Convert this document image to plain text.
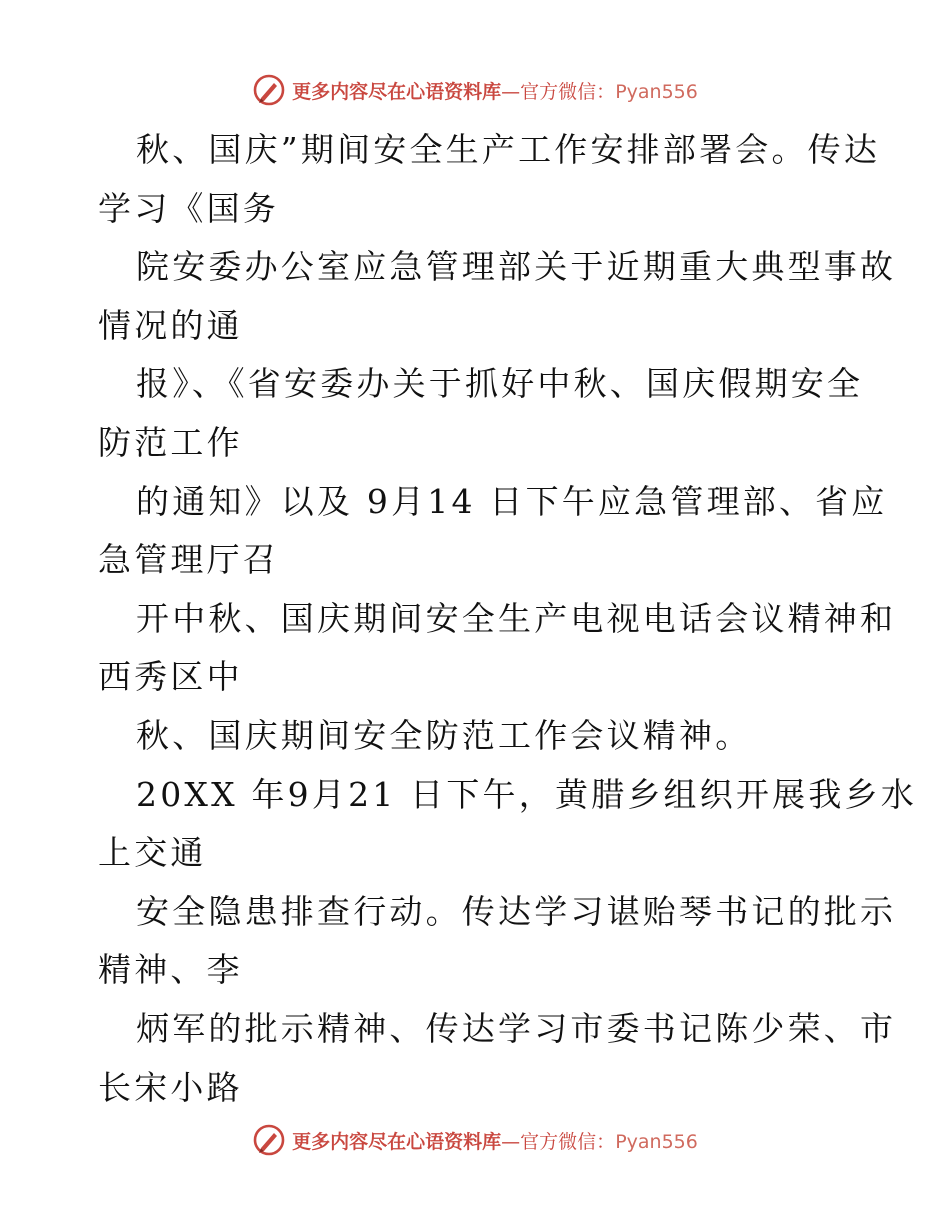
更多内容尽在心语资料库—官方微信：Pyan556
秋、国庆”期间安全生产工作安排部署会。传达
学习《国务
院安委办公室应急管理部关于近期重大典型事故
情况的通
报》、《省安委办关于抓好中秋、国庆假期安全
防范工作
的通知》以及 9月14 日下午应急管理部、省应
急管理厅召
开中秋、国庆期间安全生产电视电话会议精神和
西秀区中
秋、国庆期间安全防范工作会议精神。
20XX 年9月21 日下午，黄腊乡组织开展我乡水
上交通
安全隐患排查行动。传达学习谌贻琴书记的批示
精神、李
炳军的批示精神、传达学习市委书记陈少荣、市
长宋小路
更多内容尽在心语资料库—官方微信：Pyan556
